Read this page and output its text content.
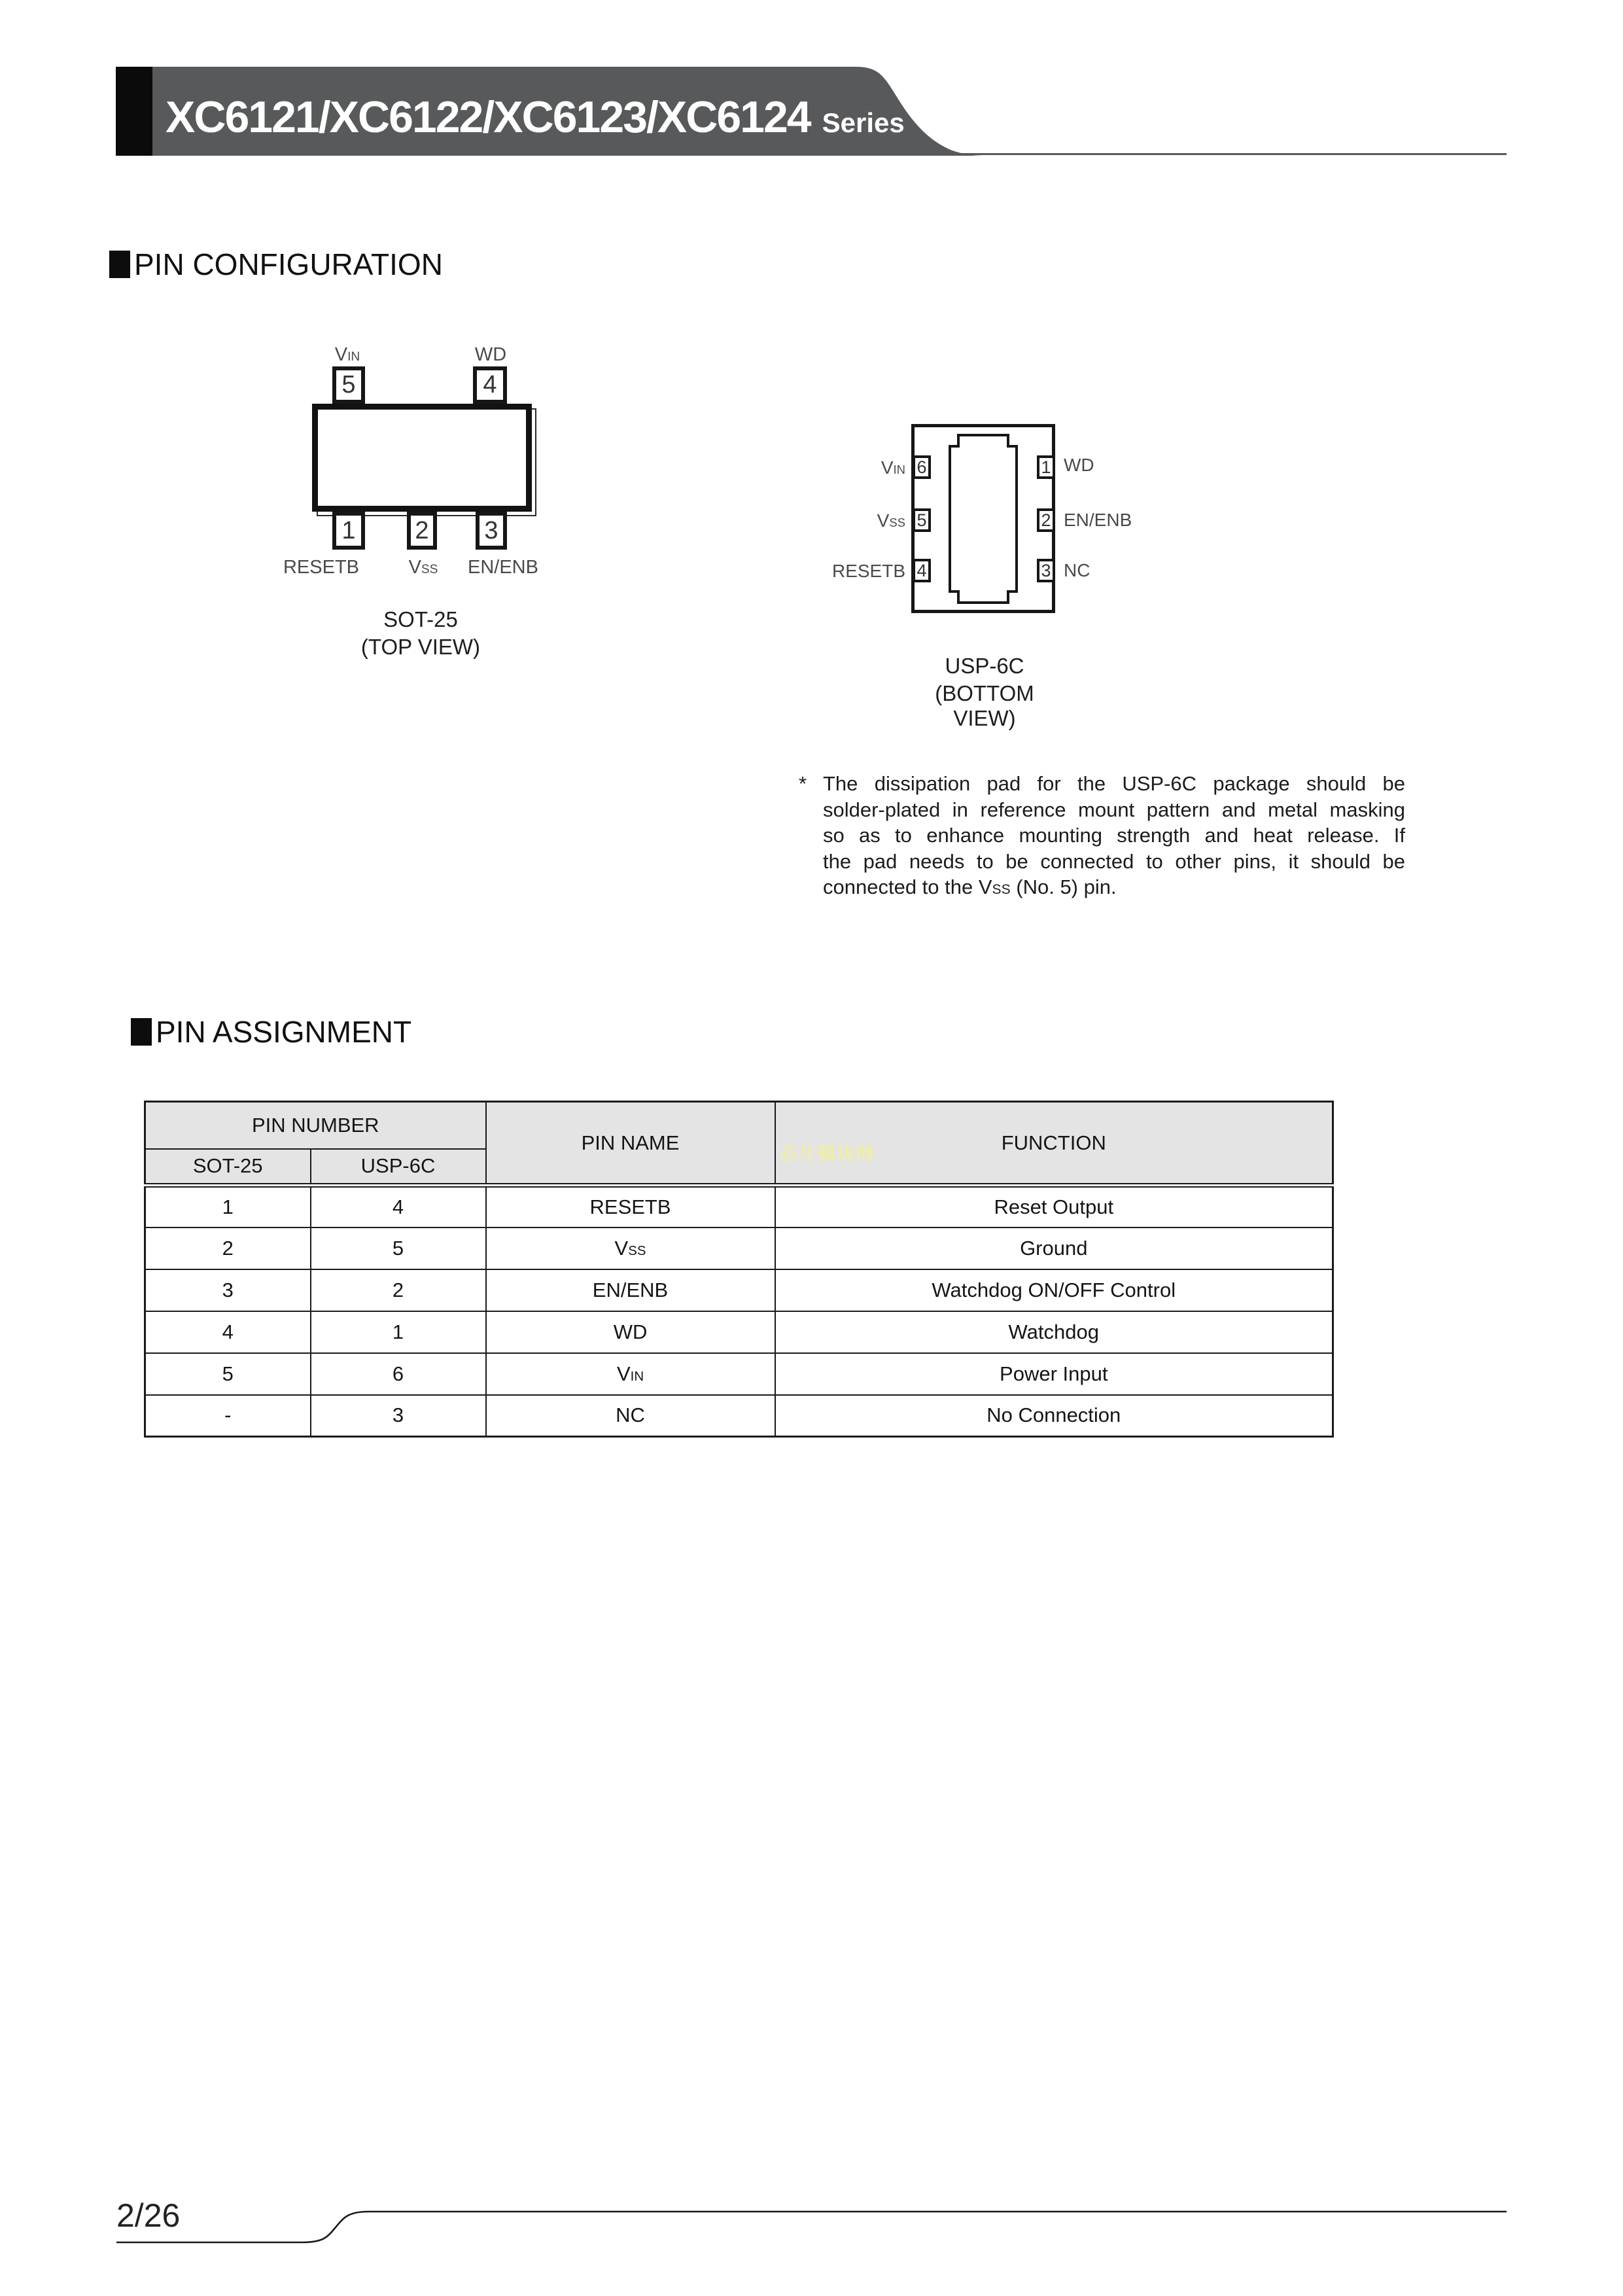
XC6121/XC6122/XC6123/XC6124 Series
PIN CONFIGURATION
VIN	WD
5	4
1 2 3
RESETB	VSS	EN/ENB
SOT-25
(TOP VIEW)
6
5
4
1
2
3
VIN
VSS
RESETB
WD
EN/ENB
NC
USP-6C
(BOTTOM VIEW)
* The dissipation pad for the USP-6C package should be
solder-plated in reference mount pattern and metal masking
so as to enhance mounting strength and heat release. If
the pad needs to be connected to other pins, it should be
connected to the VSS (No. 5) pin.
PIN ASSIGNMENT
PIN NUMBER		PIN NAME	FUNCTION
SOT-25	USP-6C		
1	4	RESETB	Reset Output
2	5	VSS	Ground
3	2	EN/ENB	Watchdog ON/OFF Control
4	1	WD	Watchdog
5	6	VIN	Power Input
-	3	NC	No Connection
芯片模块网
2/26
